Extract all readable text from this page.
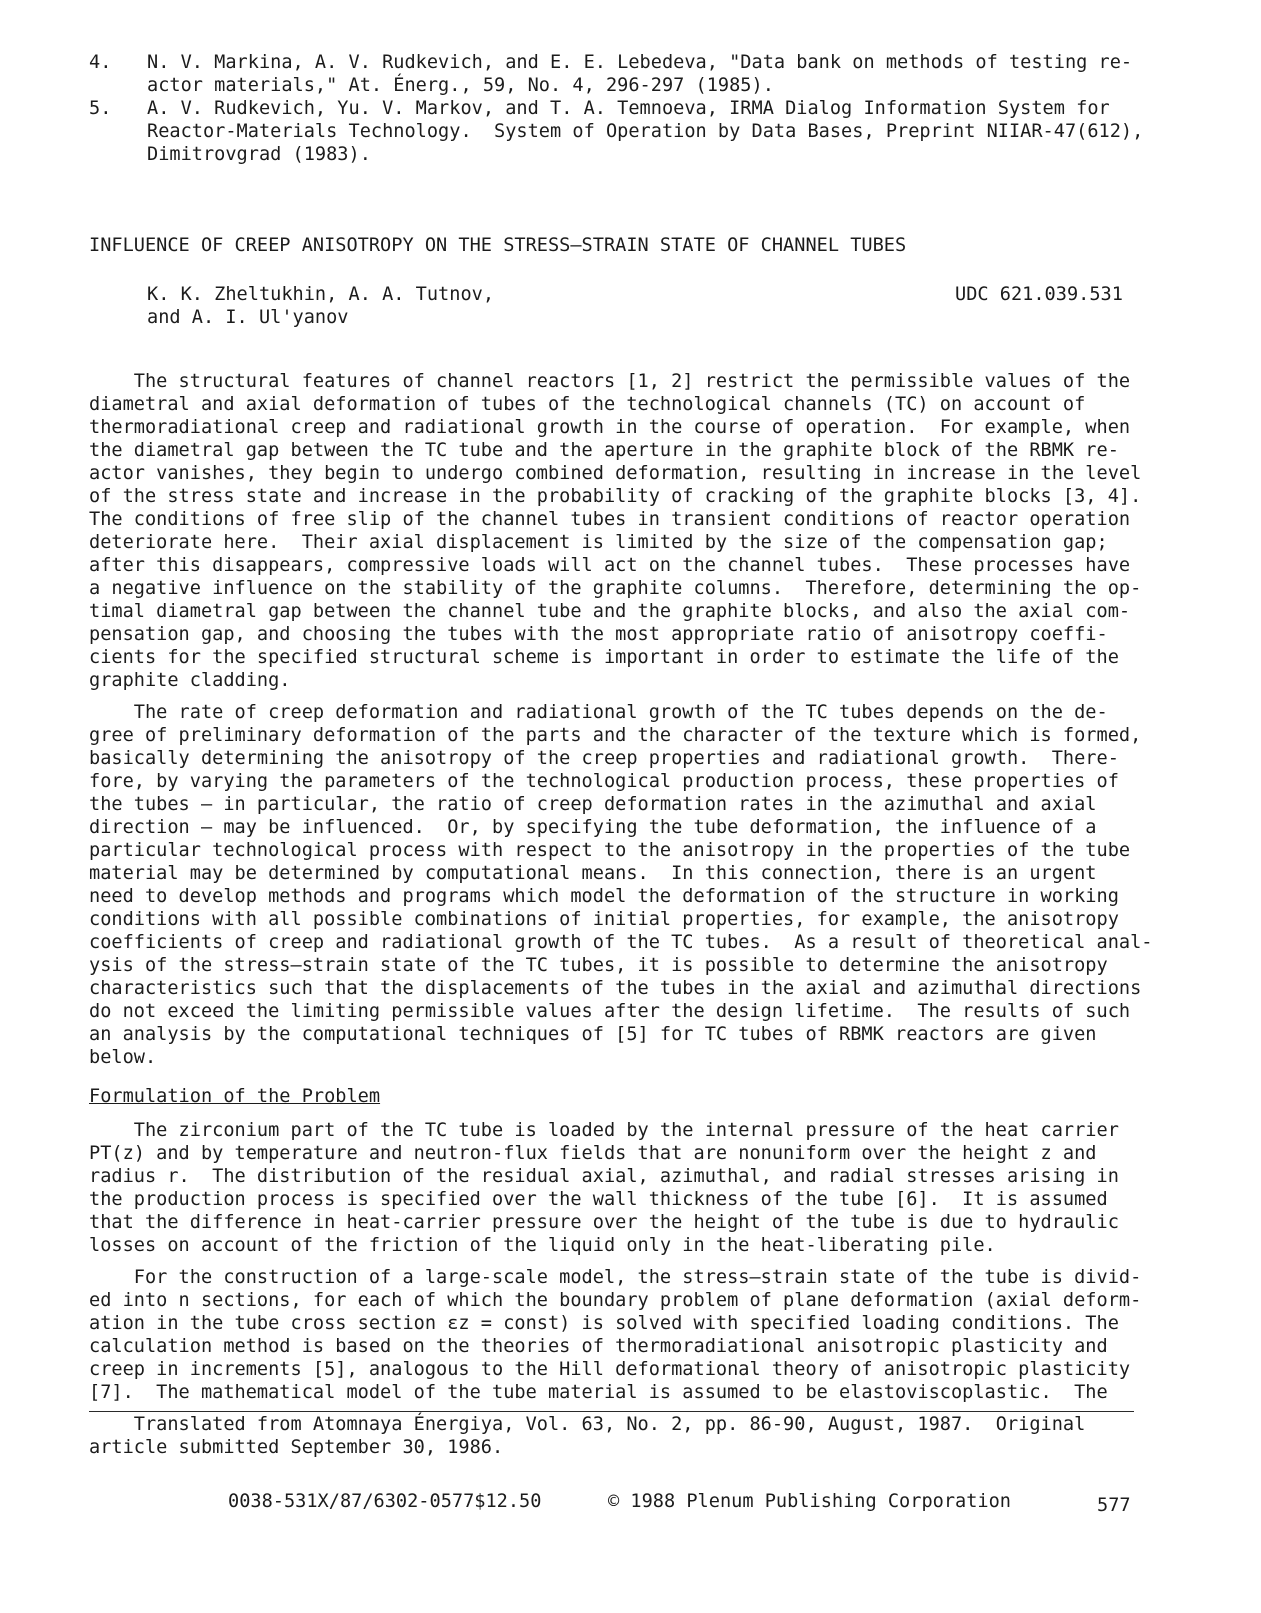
4. N. V. Markina, A. V. Rudkevich, and E. E. Lebedeva, "Data bank on methods of testing re-
actor materials," At. Énerg., 59, No. 4, 296-297 (1985).
5. A. V. Rudkevich, Yu. V. Markov, and T. A. Temnoeva, IRMA Dialog Information System for
Reactor-Materials Technology.  System of Operation by Data Bases, Preprint NIIAR-47(612),
Dimitrovgrad (1983).
INFLUENCE OF CREEP ANISOTROPY ON THE STRESS–STRAIN STATE OF CHANNEL TUBES
K. K. Zheltukhin, A. A. Tutnov,
and A. I. Ul'yanov
UDC 621.039.531
The structural features of channel reactors [1, 2] restrict the permissible values of the
diametral and axial deformation of tubes of the technological channels (TC) on account of
thermoradiational creep and radiational growth in the course of operation.  For example, when
the diametral gap between the TC tube and the aperture in the graphite block of the RBMK re-
actor vanishes, they begin to undergo combined deformation, resulting in increase in the level
of the stress state and increase in the probability of cracking of the graphite blocks [3, 4].
The conditions of free slip of the channel tubes in transient conditions of reactor operation
deteriorate here.  Their axial displacement is limited by the size of the compensation gap;
after this disappears, compressive loads will act on the channel tubes.  These processes have
a negative influence on the stability of the graphite columns.  Therefore, determining the op-
timal diametral gap between the channel tube and the graphite blocks, and also the axial com-
pensation gap, and choosing the tubes with the most appropriate ratio of anisotropy coeffi-
cients for the specified structural scheme is important in order to estimate the life of the
graphite cladding.
The rate of creep deformation and radiational growth of the TC tubes depends on the de-
gree of preliminary deformation of the parts and the character of the texture which is formed,
basically determining the anisotropy of the creep properties and radiational growth.  There-
fore, by varying the parameters of the technological production process, these properties of
the tubes — in particular, the ratio of creep deformation rates in the azimuthal and axial
direction — may be influenced.  Or, by specifying the tube deformation, the influence of a
particular technological process with respect to the anisotropy in the properties of the tube
material may be determined by computational means.  In this connection, there is an urgent
need to develop methods and programs which model the deformation of the structure in working
conditions with all possible combinations of initial properties, for example, the anisotropy
coefficients of creep and radiational growth of the TC tubes.  As a result of theoretical anal-
ysis of the stress–strain state of the TC tubes, it is possible to determine the anisotropy
characteristics such that the displacements of the tubes in the axial and azimuthal directions
do not exceed the limiting permissible values after the design lifetime.  The results of such
an analysis by the computational techniques of [5] for TC tubes of RBMK reactors are given
below.
Formulation of the Problem
The zirconium part of the TC tube is loaded by the internal pressure of the heat carrier
PT(z) and by temperature and neutron-flux fields that are nonuniform over the height z and
radius r.  The distribution of the residual axial, azimuthal, and radial stresses arising in
the production process is specified over the wall thickness of the tube [6].  It is assumed
that the difference in heat-carrier pressure over the height of the tube is due to hydraulic
losses on account of the friction of the liquid only in the heat-liberating pile.
For the construction of a large-scale model, the stress–strain state of the tube is divid-
ed into n sections, for each of which the boundary problem of plane deformation (axial deform-
ation in the tube cross section εz = const) is solved with specified loading conditions. The
calculation method is based on the theories of thermoradiational anisotropic plasticity and
creep in increments [5], analogous to the Hill deformational theory of anisotropic plasticity
[7].  The mathematical model of the tube material is assumed to be elastoviscoplastic.  The
Translated from Atomnaya Énergiya, Vol. 63, No. 2, pp. 86-90, August, 1987.  Original
article submitted September 30, 1986.
0038-531X/87/6302-0577$12.50	© 1988 Plenum Publishing Corporation	577
